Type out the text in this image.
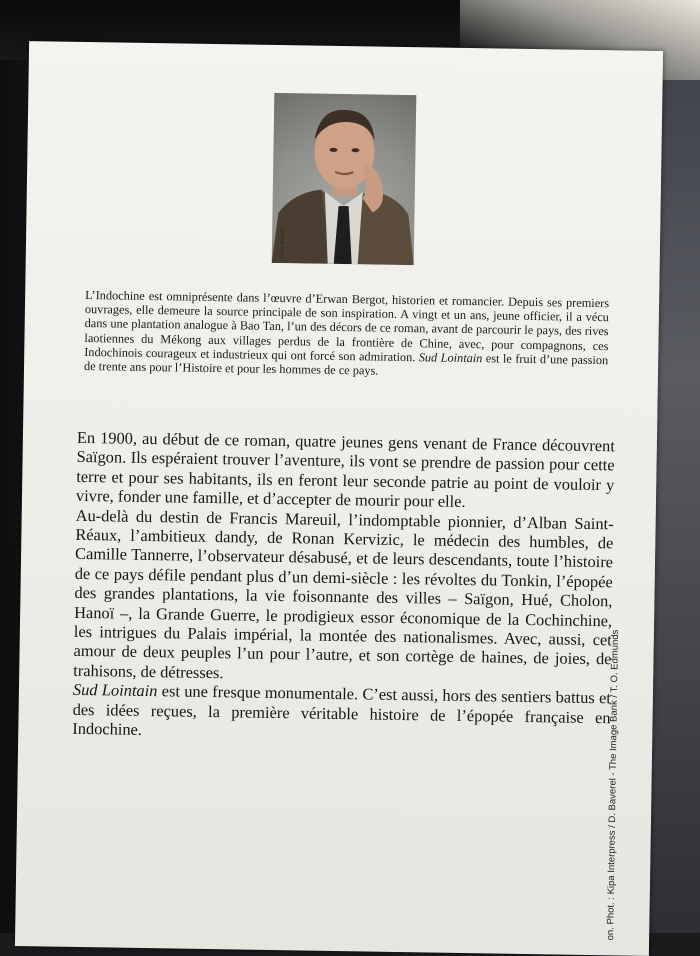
Louis Monier.

L’Indochine est omniprésente dans l’œuvre d’Erwan Bergot, historien et romancier. Depuis ses premiers ouvrages, elle demeure la source principale de son inspiration. A vingt et un ans, jeune officier, il a vécu dans une plantation analogue à Bao Tan, l’un des décors de ce roman, avant de parcourir le pays, des rives laotiennes du Mékong aux villages perdus de la frontière de Chine, avec, pour compagnons, ces Indochinois courageux et industrieux qui ont forcé son admiration. Sud Lointain est le fruit d’une passion de trente ans pour l’Histoire et pour les hommes de ce pays.

En 1900, au début de ce roman, quatre jeunes gens venant de France découvrent Saïgon. Ils espéraient trouver l’aventure, ils vont se prendre de passion pour cette terre et pour ses habitants, ils en feront leur seconde patrie au point de vouloir y vivre, fonder une famille, et d’accepter de mourir pour elle.

Au-delà du destin de Francis Mareuil, l’indomptable pionnier, d’Alban Saint-Réaux, l’ambitieux dandy, de Ronan Kervizic, le médecin des humbles, de Camille Tannerre, l’observateur désabusé, et de leurs descendants, toute l’histoire de ce pays défile pendant plus d’un demi-siècle : les révoltes du Tonkin, l’épopée des grandes plantations, la vie foisonnante des villes – Saïgon, Hué, Cholon, Hanoï –, la Grande Guerre, le prodigieux essor économique de la Cochinchine, les intrigues du Palais impérial, la montée des nationalismes. Avec, aussi, cet amour de deux peuples l’un pour l’autre, et son cortège de haines, de joies, de trahisons, de détresses.

Sud Lointain est une fresque monumentale. C’est aussi, hors des sentiers battus et des idées reçues, la première véritable histoire de l’épopée française en Indochine.	on. Phot. : Kipa Interpress / D. Baverel - The Image Bank / T. O. Edmunds
